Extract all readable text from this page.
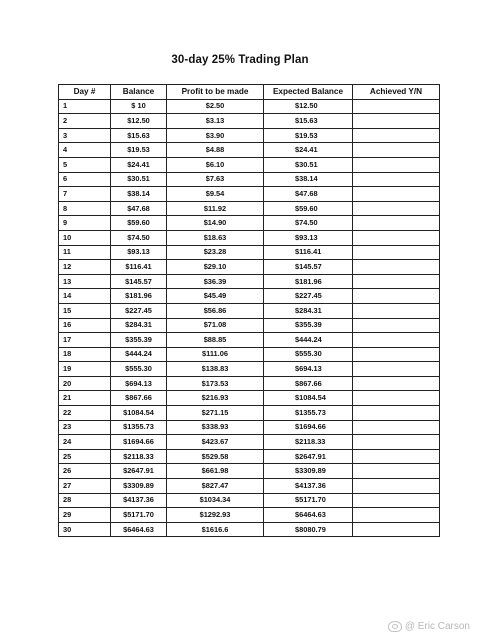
30-day 25% Trading Plan
Day #	Balance	Profit to be made	Expected Balance	Achieved Y/N
1	$ 10	$2.50	$12.50	
2	$12.50	$3.13	$15.63	
3	$15.63	$3.90	$19.53	
4	$19.53	$4.88	$24.41	
5	$24.41	$6.10	$30.51	
6	$30.51	$7.63	$38.14	
7	$38.14	$9.54	$47.68	
8	$47.68	$11.92	$59.60	
9	$59.60	$14.90	$74.50	
10	$74.50	$18.63	$93.13	
11	$93.13	$23.28	$116.41	
12	$116.41	$29.10	$145.57	
13	$145.57	$36.39	$181.96	
14	$181.96	$45.49	$227.45	
15	$227.45	$56.86	$284.31	
16	$284.31	$71.08	$355.39	
17	$355.39	$88.85	$444.24	
18	$444.24	$111.06	$555.30	
19	$555.30	$138.83	$694.13	
20	$694.13	$173.53	$867.66	
21	$867.66	$216.93	$1084.54	
22	$1084.54	$271.15	$1355.73	
23	$1355.73	$338.93	$1694.66	
24	$1694.66	$423.67	$2118.33	
25	$2118.33	$529.58	$2647.91	
26	$2647.91	$661.98	$3309.89	
27	$3309.89	$827.47	$4137.36	
28	$4137.36	$1034.34	$5171.70	
29	$5171.70	$1292.93	$6464.63	
30	$6464.63	$1616.6	$8080.79	
@ Eric Carson
